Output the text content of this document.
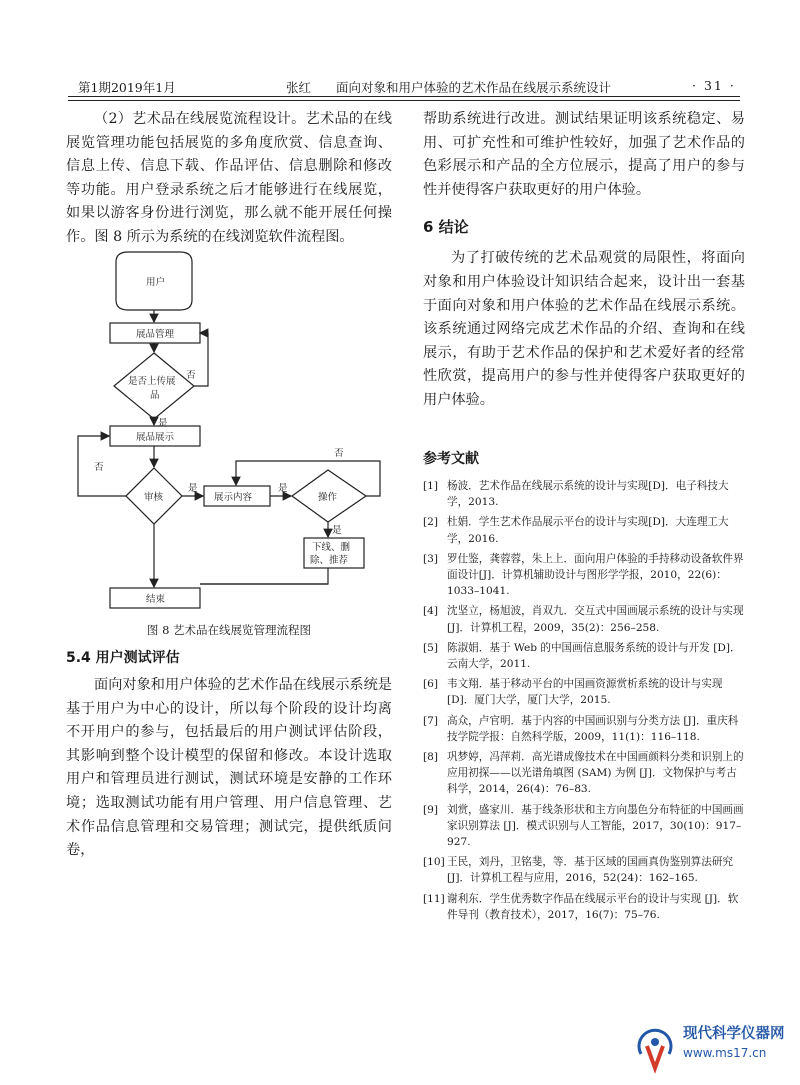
第1期2019年1月	张红　　面向对象和用户体验的艺术作品在线展示系统设计	· 31 ·

（2）艺术品在线展览流程设计。艺术品的在线展览管理功能包括展览的多角度欣赏、信息查询、信息上传、信息下载、作品评估、信息删除和修改等功能。用户登录系统之后才能够进行在线展览，如果以游客身份进行浏览，那么就不能开展任何操作。图 8 所示为系统的在线浏览软件流程图。

用户
展品管理
是否上传展
品
否
是
展品展示
否
审核
是
展示内容
是
否
操作
是
下线、删
除、推荐
结束
图 8 艺术品在线展览管理流程图

5.4 用户测试评估

面向对象和用户体验的艺术作品在线展示系统是基于用户为中心的设计，所以每个阶段的设计均离不开用户的参与，包括最后的用户测试评估阶段，其影响到整个设计模型的保留和修改。本设计选取用户和管理员进行测试，测试环境是安静的工作环境；选取测试功能有用户管理、用户信息管理、艺术作品信息管理和交易管理；测试完，提供纸质问卷，

帮助系统进行改进。测试结果证明该系统稳定、易用、可扩充性和可维护性较好，加强了艺术作品的色彩展示和产品的全方位展示，提高了用户的参与性并使得客户获取更好的用户体验。

6 结论

为了打破传统的艺术品观赏的局限性，将面向对象和用户体验设计知识结合起来，设计出一套基于面向对象和用户体验的艺术作品在线展示系统。该系统通过网络完成艺术作品的介绍、查询和在线展示，有助于艺术作品的保护和艺术爱好者的经常性欣赏，提高用户的参与性并使得客户获取更好的用户体验。

参考文献

[1] 杨波．艺术作品在线展示系统的设计与实现[D]．电子科技大学，2013.

[2] 杜娟．学生艺术作品展示平台的设计与实现[D]．大连理工大学，2016.

[3] 罗仕鉴，龚蓉蓉，朱上上．面向用户体验的手持移动设备软件界面设计[J]．计算机辅助设计与图形学学报，2010，22(6)：1033–1041.

[4] 沈坚立，杨旭波，肖双九．交互式中国画展示系统的设计与实现[J]．计算机工程，2009，35(2)：256–258.

[5] 陈淑娟．基于 Web 的中国画信息服务系统的设计与开发 [D]．云南大学，2011.

[6] 韦文翔．基于移动平台的中国画资源赏析系统的设计与实现[D]．厦门大学，厦门大学，2015.

[7] 高众，卢官明．基于内容的中国画识别与分类方法 [J]．重庆科技学院学报：自然科学版，2009，11(1)：116–118.

[8] 巩梦婷，冯萍莉．高光谱成像技术在中国画颜料分类和识别上的应用初探——以光谱角填图 (SAM) 为例 [J]．文物保护与考古科学，2014，26(4)：76–83.

[9] 刘赏，盛家川．基于线条形状和主方向墨色分布特征的中国画画家识别算法 [J]．模式识别与人工智能，2017，30(10)：917–927.

[10] 王民，刘丹，卫铭斐，等．基于区域的国画真伪鉴别算法研究[J]．计算机工程与应用，2016，52(24)：162–165.

[11] 谢利东．学生优秀数字作品在线展示平台的设计与实现 [J]．软件导刊（教育技术），2017，16(7)：75–76.

现代科学仪器网
www.ms17.cn
